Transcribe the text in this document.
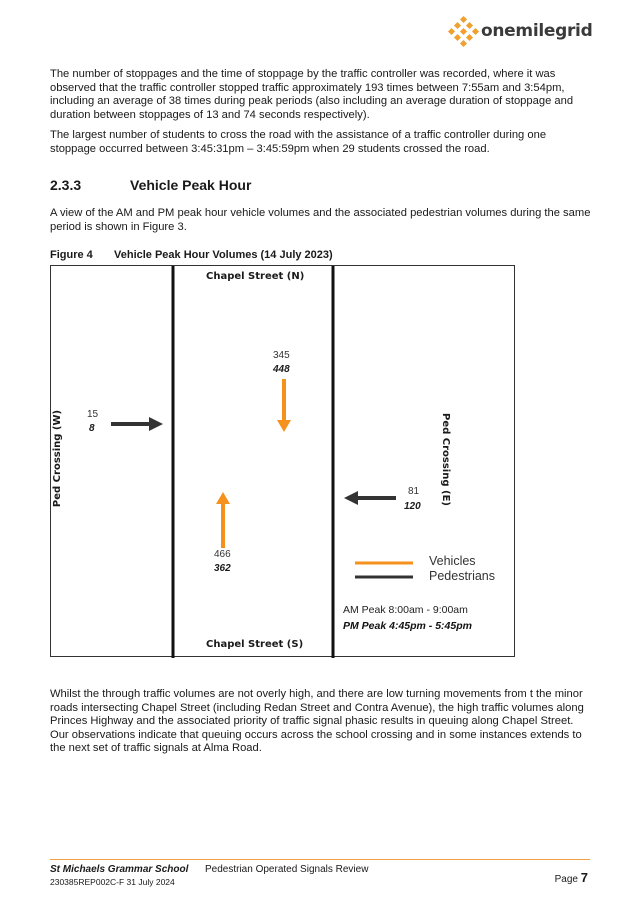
onemilegrid

The number of stoppages and the time of stoppage by the traffic controller was recorded, where it was observed that the traffic controller stopped traffic approximately 193 times between 7:55am and 3:54pm, including an average of 38 times during peak periods (also including an average duration of stoppage and duration between stoppages of 13 and 74 seconds respectively).

The largest number of students to cross the road with the assistance of a traffic controller during one stoppage occurred between 3:45:31pm – 3:45:59pm when 29 students crossed the road.

2.3.3	Vehicle Peak Hour

A view of the AM and PM peak hour vehicle volumes and the associated pedestrian volumes during the same period is shown in Figure 3.

Figure 4 Vehicle Peak Hour Volumes (14 July 2023)
Chapel Street (N)
Chapel Street (S)
Ped Crossing (W)	Ped Crossing (E)
345
448
466
362
15
8
81
120
Vehicles
Pedestrians
AM Peak 8:00am - 9:00am
PM Peak 4:45pm - 5:45pm

Whilst the through traffic volumes are not overly high, and there are low turning movements from t the minor roads intersecting Chapel Street (including Redan Street and Contra Avenue), the high traffic volumes along Princes Highway and the associated priority of traffic signal phasic results in queuing along Chapel Street. Our observations indicate that queuing occurs across the school crossing and in some instances extends to the next set of traffic signals at Alma Road.

St Michaels Grammar School Pedestrian Operated Signals Review
230385REP002C-F 31 July 2024	Page 7
